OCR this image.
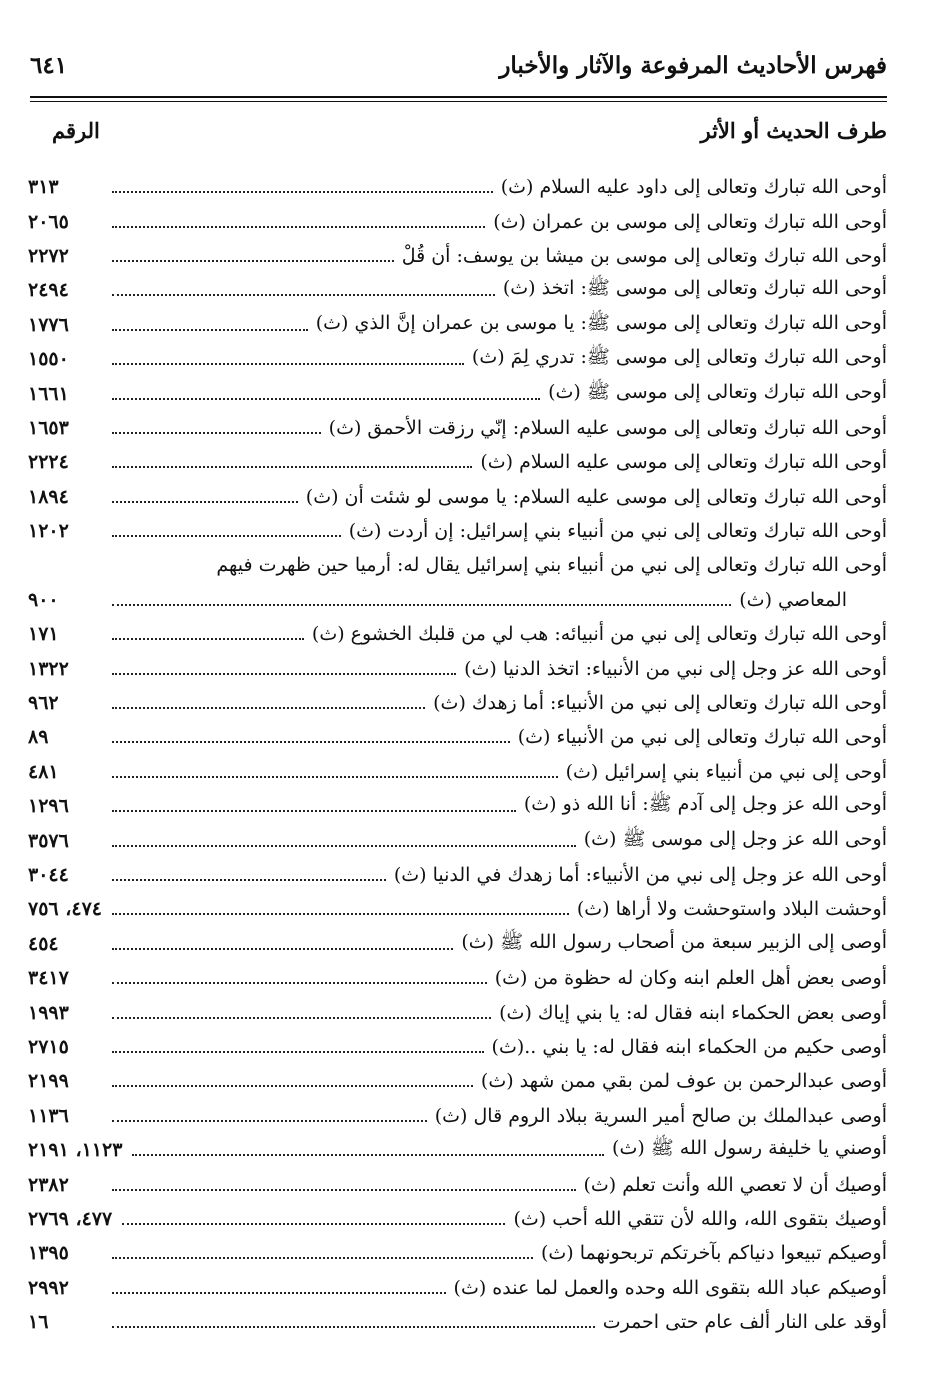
فهرس الأحاديث المرفوعة والآثار والأخبار
٦٤١
طرف الحديث أو الأثر
الرقم
أوحى الله تبارك وتعالى إلى داود عليه السلام (ث)
٣١٣
أوحى الله تبارك وتعالى إلى موسى بن عمران (ث)
٢٠٦٥
أوحى الله تبارك وتعالى إلى موسى بن ميشا بن يوسف: أن قُلْ
٢٢٧٢
أوحى الله تبارك وتعالى إلى موسى ﷺ: اتخذ (ث)
٢٤٩٤
أوحى الله تبارك وتعالى إلى موسى ﷺ: يا موسى بن عمران إنَّ الذي (ث)
١٧٧٦
أوحى الله تبارك وتعالى إلى موسى ﷺ: تدري لِمَ (ث)
١٥٥٠
أوحى الله تبارك وتعالى إلى موسى ﷺ (ث)
١٦٦١
أوحى الله تبارك وتعالى إلى موسى عليه السلام: إنّي رزقت الأحمق (ث)
١٦٥٣
أوحى الله تبارك وتعالى إلى موسى عليه السلام (ث)
٢٢٢٤
أوحى الله تبارك وتعالى إلى موسى عليه السلام: يا موسى لو شئت أن (ث)
١٨٩٤
أوحى الله تبارك وتعالى إلى نبي من أنبياء بني إسرائيل: إن أردت (ث)
١٢٠٢
أوحى الله تبارك وتعالى إلى نبي من أنبياء بني إسرائيل يقال له: أرميا حين ظهرت فيهم
المعاصي (ث)
٩٠٠
أوحى الله تبارك وتعالى إلى نبي من أنبيائه: هب لي من قلبك الخشوع (ث)
١٧١
أوحى الله عز وجل إلى نبي من الأنبياء: اتخذ الدنيا (ث)
١٣٢٢
أوحى الله تبارك وتعالى إلى نبي من الأنبياء: أما زهدك (ث)
٩٦٢
أوحى الله تبارك وتعالى إلى نبي من الأنبياء (ث)
٨٩
أوحى إلى نبي من أنبياء بني إسرائيل (ث)
٤٨١
أوحى الله عز وجل إلى آدم ﷺ: أنا الله ذو (ث)
١٢٩٦
أوحى الله عز وجل إلى موسى ﷺ (ث)
٣٥٧٦
أوحى الله عز وجل إلى نبي من الأنبياء: أما زهدك في الدنيا (ث)
٣٠٤٤
أوحشت البلاد واستوحشت ولا أراها (ث)
٤٧٤، ٧٥٦
أوصى إلى الزبير سبعة من أصحاب رسول الله ﷺ (ث)
٤٥٤
أوصى بعض أهل العلم ابنه وكان له حظوة من (ث)
٣٤١٧
أوصى بعض الحكماء ابنه فقال له: يا بني إياك (ث)
١٩٩٣
أوصى حكيم من الحكماء ابنه فقال له: يا بني ..(ث)
٢٧١٥
أوصى عبدالرحمن بن عوف لمن بقي ممن شهد (ث)
٢١٩٩
أوصى عبدالملك بن صالح أمير السرية ببلاد الروم قال (ث)
١١٣٦
أوصني يا خليفة رسول الله ﷺ (ث)
١١٢٣، ٢١٩١
أوصيك أن لا تعصي الله وأنت تعلم (ث)
٢٣٨٢
أوصيك بتقوى الله، والله لأن تتقي الله أحب (ث)
٤٧٧، ٢٧٦٩
أوصيكم تبيعوا دنياكم بآخرتكم تربحونهما (ث)
١٣٩٥
أوصيكم عباد الله بتقوى الله وحده والعمل لما عنده (ث)
٢٩٩٢
أوقد على النار ألف عام حتى احمرت
١٦
